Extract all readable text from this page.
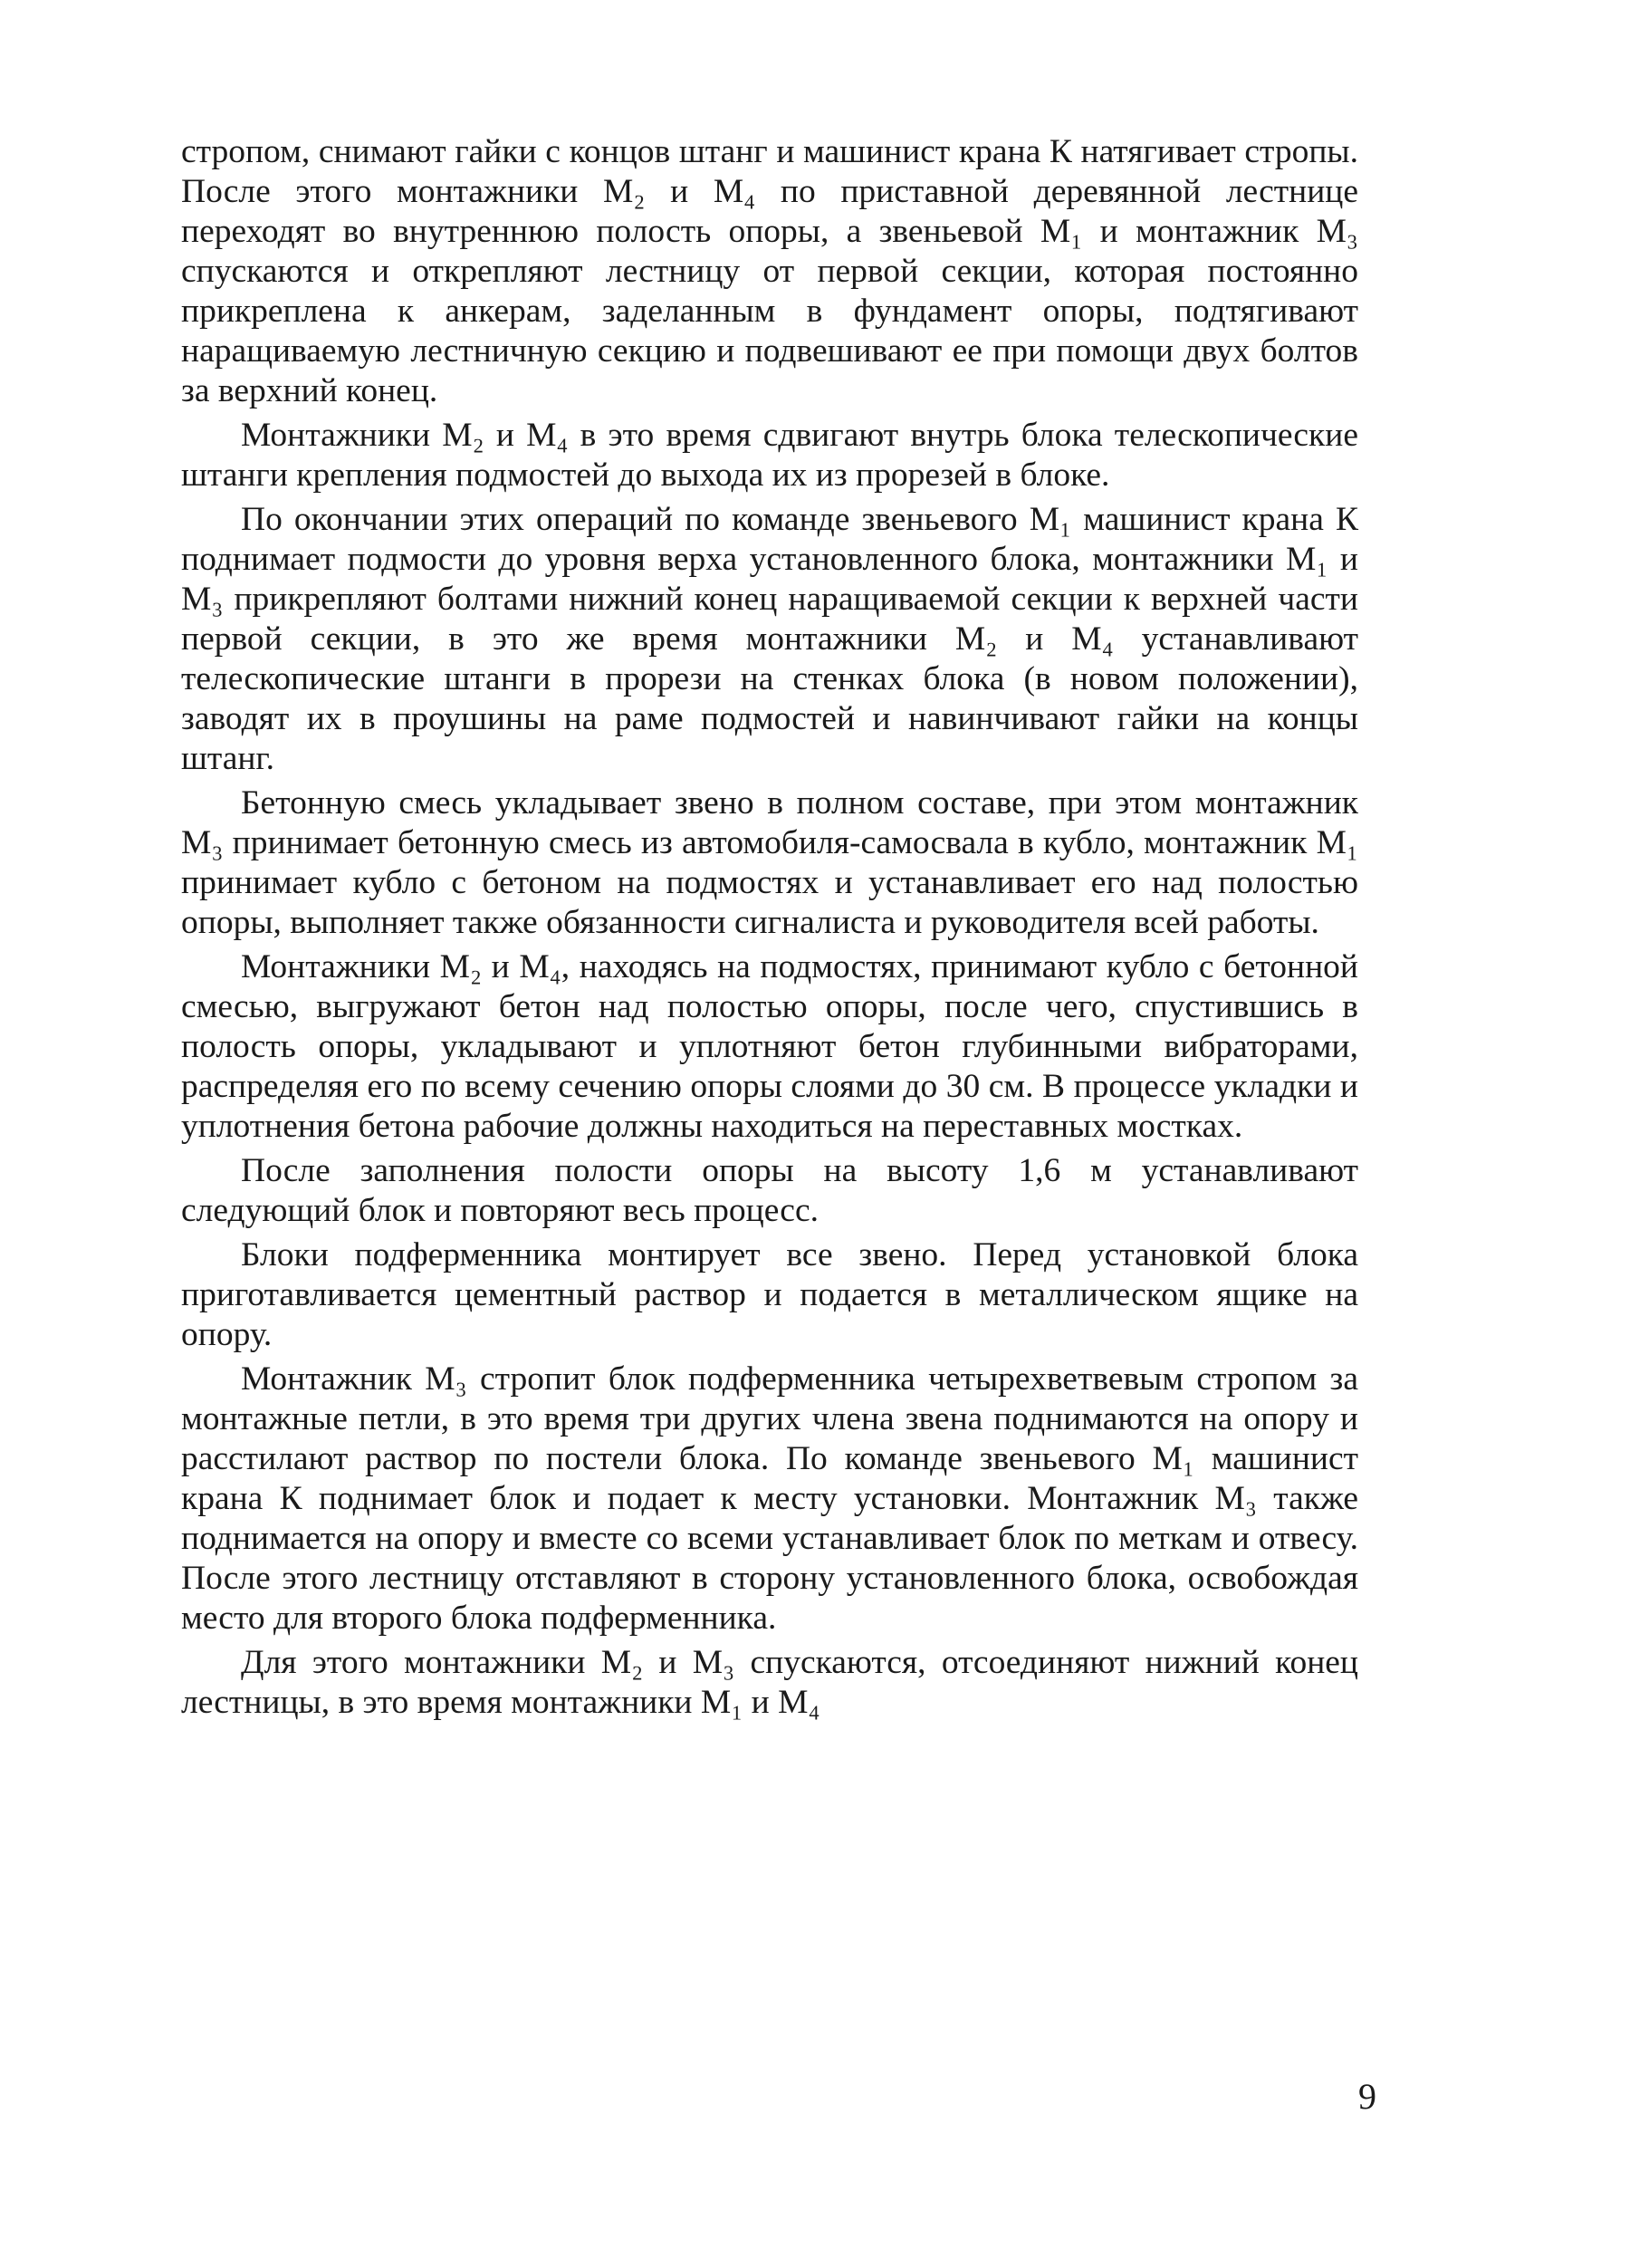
стропом, снимают гайки с концов штанг и машинист крана К натягивает стропы. После этого монтажники М₂ и М₄ по приставной деревянной лестнице переходят во внутреннюю полость опоры, а звеньевой М₁ и монтажник М₃ спускаются и открепляют лестницу от первой секции, которая постоянно прикреплена к анкерам, заделанным в фундамент опоры, подтягивают наращиваемую лестничную секцию и подвешивают ее при помощи двух болтов за верхний конец.

Монтажники М₂ и М₄ в это время сдвигают внутрь блока телескопические штанги крепления подмостей до выхода их из прорезей в блоке.

По окончании этих операций по команде звеньевого М₁ машинист крана К поднимает подмости до уровня верха установленного блока, монтажники М₁ и М₃ прикрепляют болтами нижний конец наращиваемой секции к верхней части первой секции, в это же время монтажники М₂ и М₄ устанавливают телескопические штанги в прорези на стенках блока (в новом положении), заводят их в проушины на раме подмостей и навинчивают гайки на концы штанг.

Бетонную смесь укладывает звено в полном составе, при этом монтажник М₃ принимает бетонную смесь из автомобиля-самосвала в кубло, монтажник М₁ принимает кубло с бетоном на подмостях и устанавливает его над полостью опоры, выполняет также обязанности сигналиста и руководителя всей работы.

Монтажники М₂ и М₄, находясь на подмостях, принимают кубло с бетонной смесью, выгружают бетон над полостью опоры, после чего, спустившись в полость опоры, укладывают и уплотняют бетон глубинными вибраторами, распределяя его по всему сечению опоры слоями до 30 см. В процессе укладки и уплотнения бетона рабочие должны находиться на переставных мостках.

После заполнения полости опоры на высоту 1,6 м устанавливают следующий блок и повторяют весь процесс.

Блоки подферменника монтирует все звено. Перед установкой блока приготавливается цементный раствор и подается в металлическом ящике на опору.

Монтажник М₃ стропит блок подферменника четырехветвевым стропом за монтажные петли, в это время три других члена звена поднимаются на опору и расстилают раствор по постели блока. По команде звеньевого М₁ машинист крана К поднимает блок и подает к месту установки. Монтажник М₃ также поднимается на опору и вместе со всеми устанавливает блок по меткам и отвесу. После этого лестницу отставляют в сторону установленного блока, освобождая место для второго блока подферменника.

Для этого монтажники М₂ и М₃ спускаются, отсоединяют нижний конец лестницы, в это время монтажники М₁ и М₄

9
